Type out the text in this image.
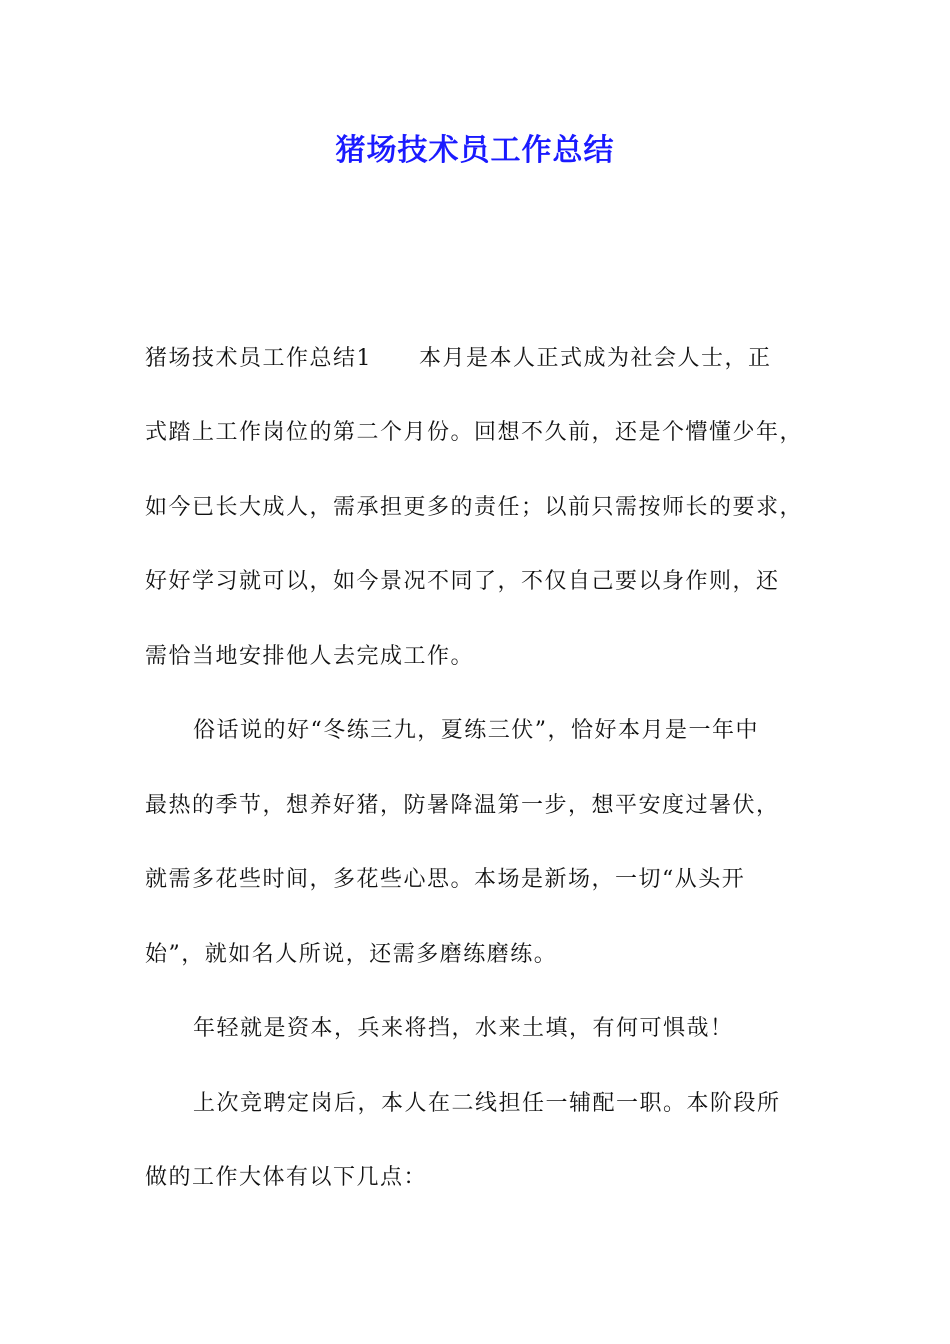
猪场技术员工作总结
猪场技术员工作总结1　　本月是本人正式成为社会人士，正
式踏上工作岗位的第二个月份。回想不久前，还是个懵懂少年，
如今已长大成人，需承担更多的责任；以前只需按师长的要求，
好好学习就可以，如今景况不同了，不仅自己要以身作则，还
需恰当地安排他人去完成工作。
俗话说的好“冬练三九，夏练三伏”，恰好本月是一年中
最热的季节，想养好猪，防暑降温第一步，想平安度过暑伏，
就需多花些时间，多花些心思。本场是新场，一切“从头开
始”，就如名人所说，还需多磨练磨练。
年轻就是资本，兵来将挡，水来土填，有何可惧哉！
上次竞聘定岗后，本人在二线担任一辅配一职。本阶段所
做的工作大体有以下几点：
